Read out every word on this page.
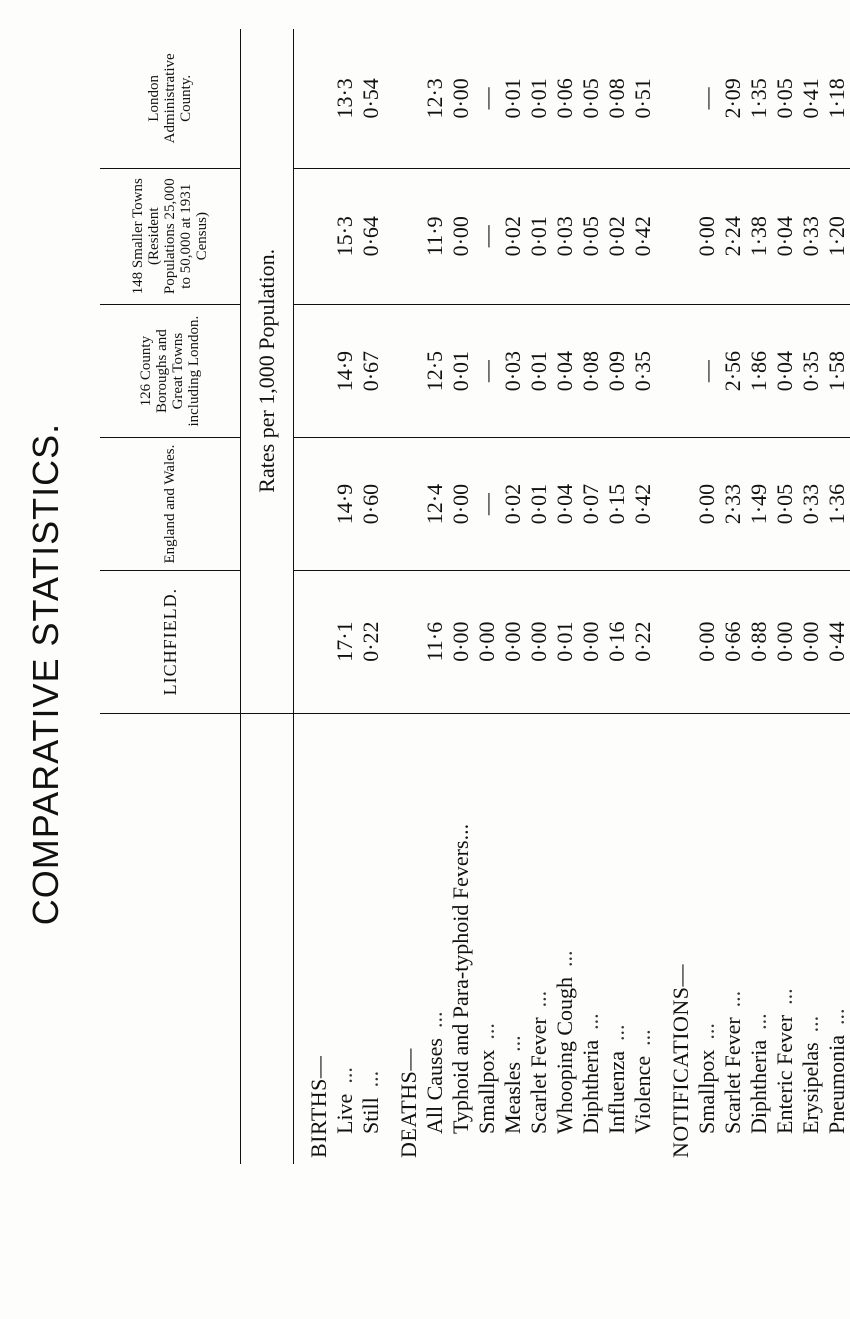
COMPARATIVE STATISTICS.
		LICHFIELD.	England and Wales.	126 County Boroughs and Great Towns including London.	148 Smaller Towns (Resident Populations 25,000 to 50,000 at 1931 Census)	London Administrative County.
	Rates per 1,000 Population.				

BIRTHS—					
Live...	17·1	14·9	14·9	15·3	13·3
Still...	0·22	0·60	0·67	0·64	0·54

DEATHS—					
All Causes...	11·6	12·4	12·5	11·9	12·3
Typhoid and Para-typhoid Fevers...	0·00	0·00	0·01	0·00	0·00
Smallpox...	0·00	—	—	—	—
Measles...	0·00	0·02	0·03	0·02	0·01
Scarlet Fever...	0·00	0·01	0·01	0·01	0·01
Whooping Cough...	0·01	0·04	0·04	0·03	0·06
Diphtheria...	0·00	0·07	0·08	0·05	0·05
Influenza...	0·16	0·15	0·09	0·02	0·08
Violence...	0·22	0·42	0·35	0·42	0·51

NOTIFICATIONS—					
Smallpox...	0·00	0·00	—	0·00	—
Scarlet Fever...	0·66	2·33	2·56	2·24	2·09
Diphtheria...	0·88	1·49	1·86	1·38	1·35
Enteric Fever...	0·00	0·05	0·04	0·04	0·05
Erysipelas...	0·00	0·33	0·35	0·33	0·41
Pneumonia...	0·44	1·36	1·58	1·20	1·18
